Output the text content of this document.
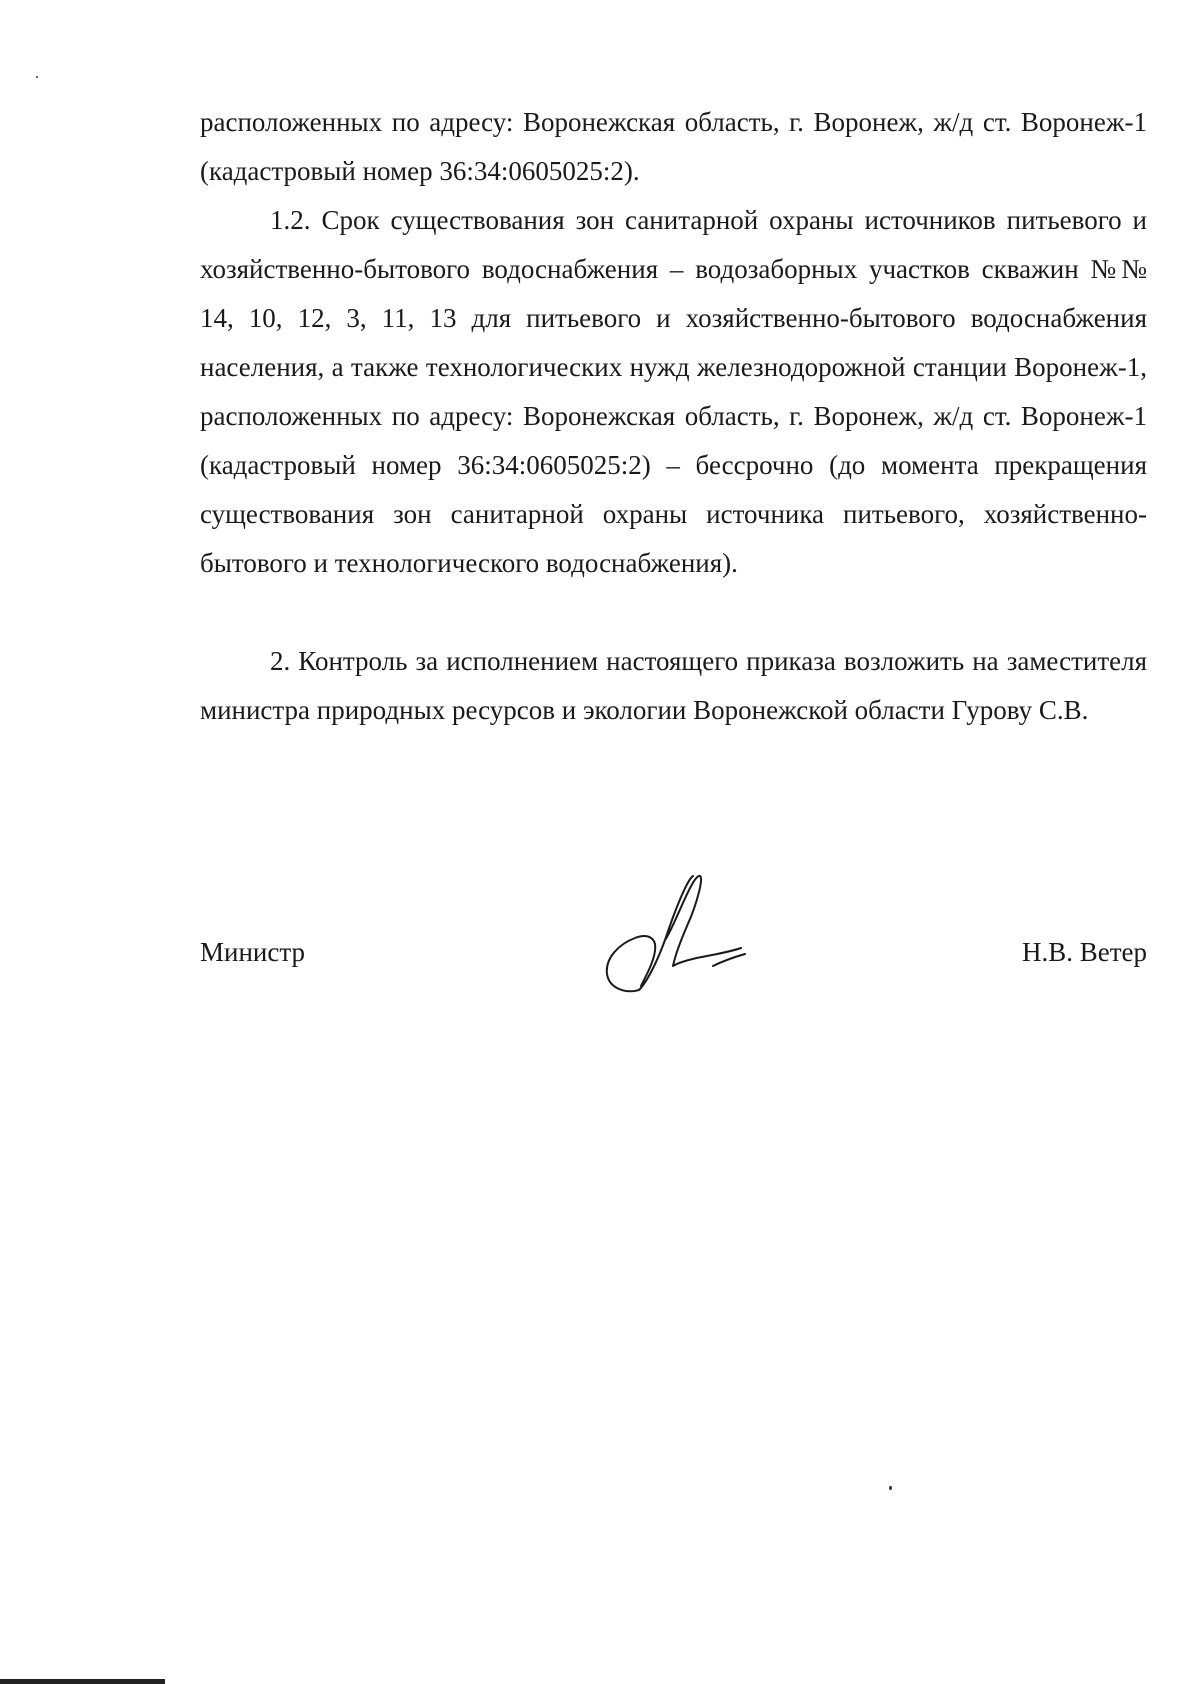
расположенных по адресу: Воронежская область, г. Воронеж, ж/д ст. Воронеж-1 (кадастровый номер 36:34:0605025:2).

1.2. Срок существования зон санитарной охраны источников питьевого и хозяйственно-бытового водоснабжения – водозаборных участков скважин №№ 14, 10, 12, 3, 11, 13 для питьевого и хозяйственно-бытового водоснабжения населения, а также технологических нужд железнодорожной станции Воронеж-1, расположенных по адресу: Воронежская область, г. Воронеж, ж/д ст. Воронеж-1 (кадастровый номер 36:34:0605025:2) – бессрочно (до момента прекращения существования зон санитарной охраны источника питьевого, хозяйственно-бытового и технологического водоснабжения).

2. Контроль за исполнением настоящего приказа возложить на заместителя министра природных ресурсов и экологии Воронежской области Гурову С.В.

Министр	Н.В. Ветер
